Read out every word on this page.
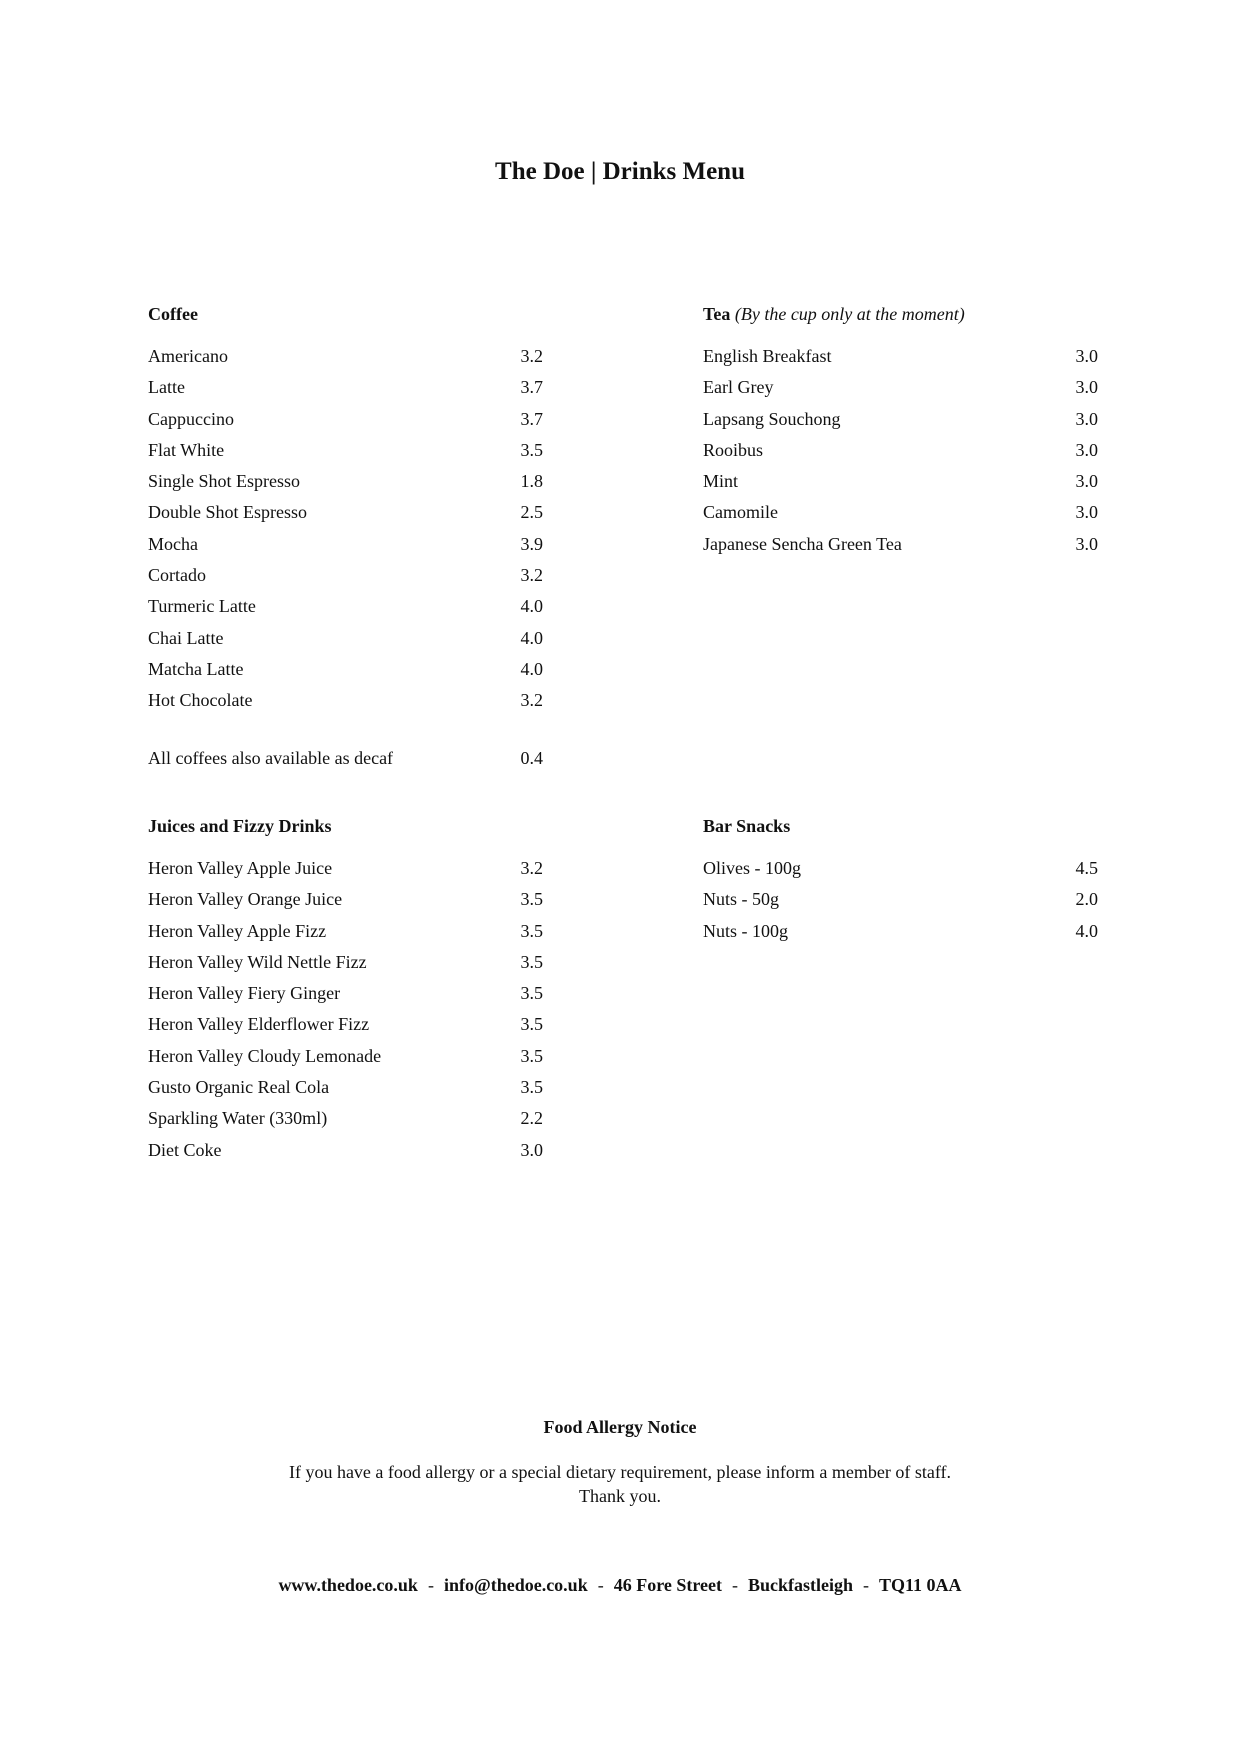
The Doe | Drinks Menu
Coffee
Americano	3.2
Latte	3.7
Cappuccino	3.7
Flat White	3.5
Single Shot Espresso	1.8
Double Shot Espresso	2.5
Mocha	3.9
Cortado	3.2
Turmeric Latte	4.0
Chai Latte	4.0
Matcha Latte	4.0
Hot Chocolate	3.2
All coffees also available as decaf	0.4
Tea (By the cup only at the moment)
English Breakfast	3.0
Earl Grey	3.0
Lapsang Souchong	3.0
Rooibus	3.0
Mint	3.0
Camomile	3.0
Japanese Sencha Green Tea	3.0
Juices and Fizzy Drinks
Heron Valley Apple Juice	3.2
Heron Valley Orange Juice	3.5
Heron Valley Apple Fizz	3.5
Heron Valley Wild Nettle Fizz	3.5
Heron Valley Fiery Ginger	3.5
Heron Valley Elderflower Fizz	3.5
Heron Valley Cloudy Lemonade	3.5
Gusto Organic Real Cola	3.5
Sparkling Water (330ml)	2.2
Diet Coke	3.0
Bar Snacks
Olives - 100g	4.5
Nuts - 50g	2.0
Nuts - 100g	4.0
Food Allergy Notice
If you have a food allergy or a special dietary requirement, please inform a member of staff.
Thank you.
www.thedoe.co.uk - info@thedoe.co.uk - 46 Fore Street - Buckfastleigh - TQ11 0AA
